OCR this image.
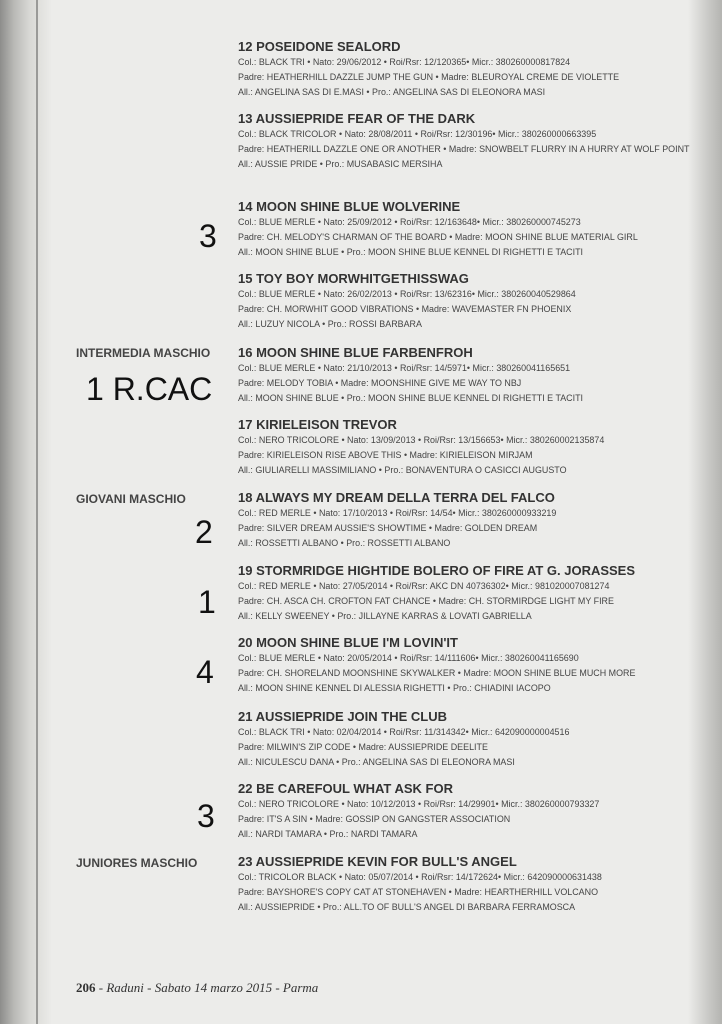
12 POSEIDONE SEALORD
Col.: BLACK TRI • Nato: 29/06/2012 • Roi/Rsr: 12/120365• Micr.: 380260000817824
Padre: HEATHERHILL DAZZLE JUMP THE GUN • Madre: BLEUROYAL CREME DE VIOLETTE
All.: ANGELINA SAS DI E.MASI • Pro.: ANGELINA SAS DI ELEONORA MASI
13 AUSSIEPRIDE FEAR OF THE DARK
Col.: BLACK TRICOLOR • Nato: 28/08/2011 • Roi/Rsr: 12/30196• Micr.: 380260000663395
Padre: HEATHERILL DAZZLE ONE OR ANOTHER • Madre: SNOWBELT FLURRY IN A HURRY AT WOLF POINT
All.: AUSSIE PRIDE • Pro.: MUSABASIC MERSIHA
14 MOON SHINE BLUE WOLVERINE
Col.: BLUE MERLE • Nato: 25/09/2012 • Roi/Rsr: 12/163648• Micr.: 380260000745273
Padre: CH. MELODY'S CHARMAN OF THE BOARD • Madre: MOON SHINE BLUE MATERIAL GIRL
All.: MOON SHINE BLUE • Pro.: MOON SHINE BLUE KENNEL DI RIGHETTI E TACITI
15 TOY BOY MORWHITGETHISSWAG
Col.: BLUE MERLE • Nato: 26/02/2013 • Roi/Rsr: 13/62316• Micr.: 380260040529864
Padre: CH. MORWHIT GOOD VIBRATIONS • Madre: WAVEMASTER FN PHOENIX
All.: LUZUY NICOLA • Pro.: ROSSI BARBARA
INTERMEDIA MASCHIO 16 MOON SHINE BLUE FARBENFROH
Col.: BLUE MERLE • Nato: 21/10/2013 • Roi/Rsr: 14/5971• Micr.: 380260041165651
Padre: MELODY TOBIA • Madre: MOONSHINE GIVE ME WAY TO NBJ
All.: MOON SHINE BLUE • Pro.: MOON SHINE BLUE KENNEL DI RIGHETTI E TACITI
17 KIRIELEISON TREVOR
Col.: NERO TRICOLORE • Nato: 13/09/2013 • Roi/Rsr: 13/156653• Micr.: 380260002135874
Padre: KIRIELEISON RISE ABOVE THIS • Madre: KIRIELEISON MIRJAM
All.: GIULIARELLI MASSIMILIANO • Pro.: BONAVENTURA O CASICCI AUGUSTO
GIOVANI MASCHIO	18 ALWAYS MY DREAM DELLA TERRA DEL FALCO
Col.: RED MERLE • Nato: 17/10/2013 • Roi/Rsr: 14/54• Micr.: 380260000933219
Padre: SILVER DREAM AUSSIE'S SHOWTIME • Madre: GOLDEN DREAM
All.: ROSSETTI ALBANO • Pro.: ROSSETTI ALBANO
19 STORMRIDGE HIGHTIDE BOLERO OF FIRE AT G. JORASSES
Col.: RED MERLE • Nato: 27/05/2014 • Roi/Rsr: AKC DN 40736302• Micr.: 981020007081274
Padre: CH. ASCA CH. CROFTON FAT CHANCE • Madre: CH. STORMIRDGE LIGHT MY FIRE
All.: KELLY SWEENEY • Pro.: JILLAYNE KARRAS & LOVATI GABRIELLA
20 MOON SHINE BLUE I'M LOVIN'IT
Col.: BLUE MERLE • Nato: 20/05/2014 • Roi/Rsr: 14/111606• Micr.: 380260041165690
Padre: CH. SHORELAND MOONSHINE SKYWALKER • Madre: MOON SHINE BLUE MUCH MORE
All.: MOON SHINE KENNEL DI ALESSIA RIGHETTI • Pro.: CHIADINI IACOPO
21 AUSSIEPRIDE JOIN THE CLUB
Col.: BLACK TRI • Nato: 02/04/2014 • Roi/Rsr: 11/314342• Micr.: 642090000004516
Padre: MILWIN'S ZIP CODE • Madre: AUSSIEPRIDE DEELITE
All.: NICULESCU DANA • Pro.: ANGELINA SAS DI ELEONORA MASI
22 BE CAREFOUL WHAT ASK FOR
Col.: NERO TRICOLORE • Nato: 10/12/2013 • Roi/Rsr: 14/29901• Micr.: 380260000793327
Padre: IT'S A SIN • Madre: GOSSIP ON GANGSTER ASSOCIATION
All.: NARDI TAMARA • Pro.: NARDI TAMARA
JUNIORES MASCHIO	23 AUSSIEPRIDE KEVIN FOR BULL'S ANGEL
Col.: TRICOLOR BLACK • Nato: 05/07/2014 • Roi/Rsr: 14/172624• Micr.: 642090000631438
Padre: BAYSHORE'S COPY CAT AT STONEHAVEN • Madre: HEARTHERHILL VOLCANO
All.: AUSSIEPRIDE • Pro.: ALL.TO OF BULL'S ANGEL DI BARBARA FERRAMOSCA
3
1 R.CAC
2
1
4
3
206 - Raduni - Sabato 14 marzo 2015 - Parma
